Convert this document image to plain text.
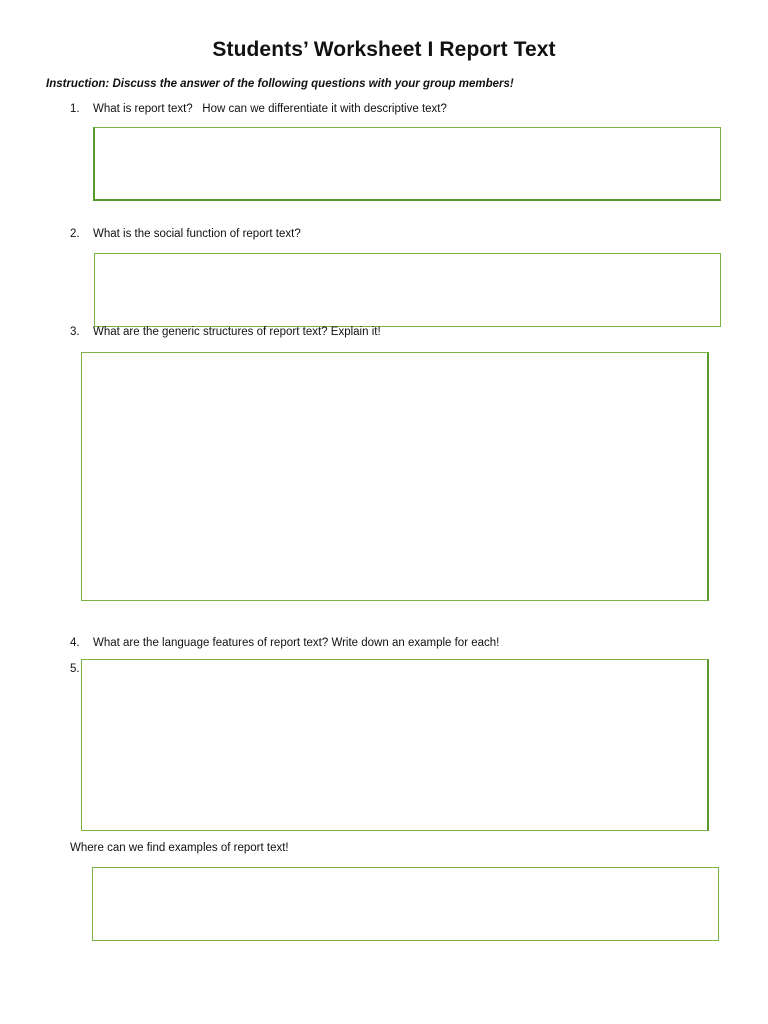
Students’ Worksheet I Report Text
Instruction: Discuss the answer of the following questions with your group members!
1. What is report text?   How can we differentiate it with descriptive text?
2. What is the social function of report text?
3. What are the generic structures of report text? Explain it!
4. What are the language features of report text? Write down an example for each!
5.
Where can we find examples of report text!
